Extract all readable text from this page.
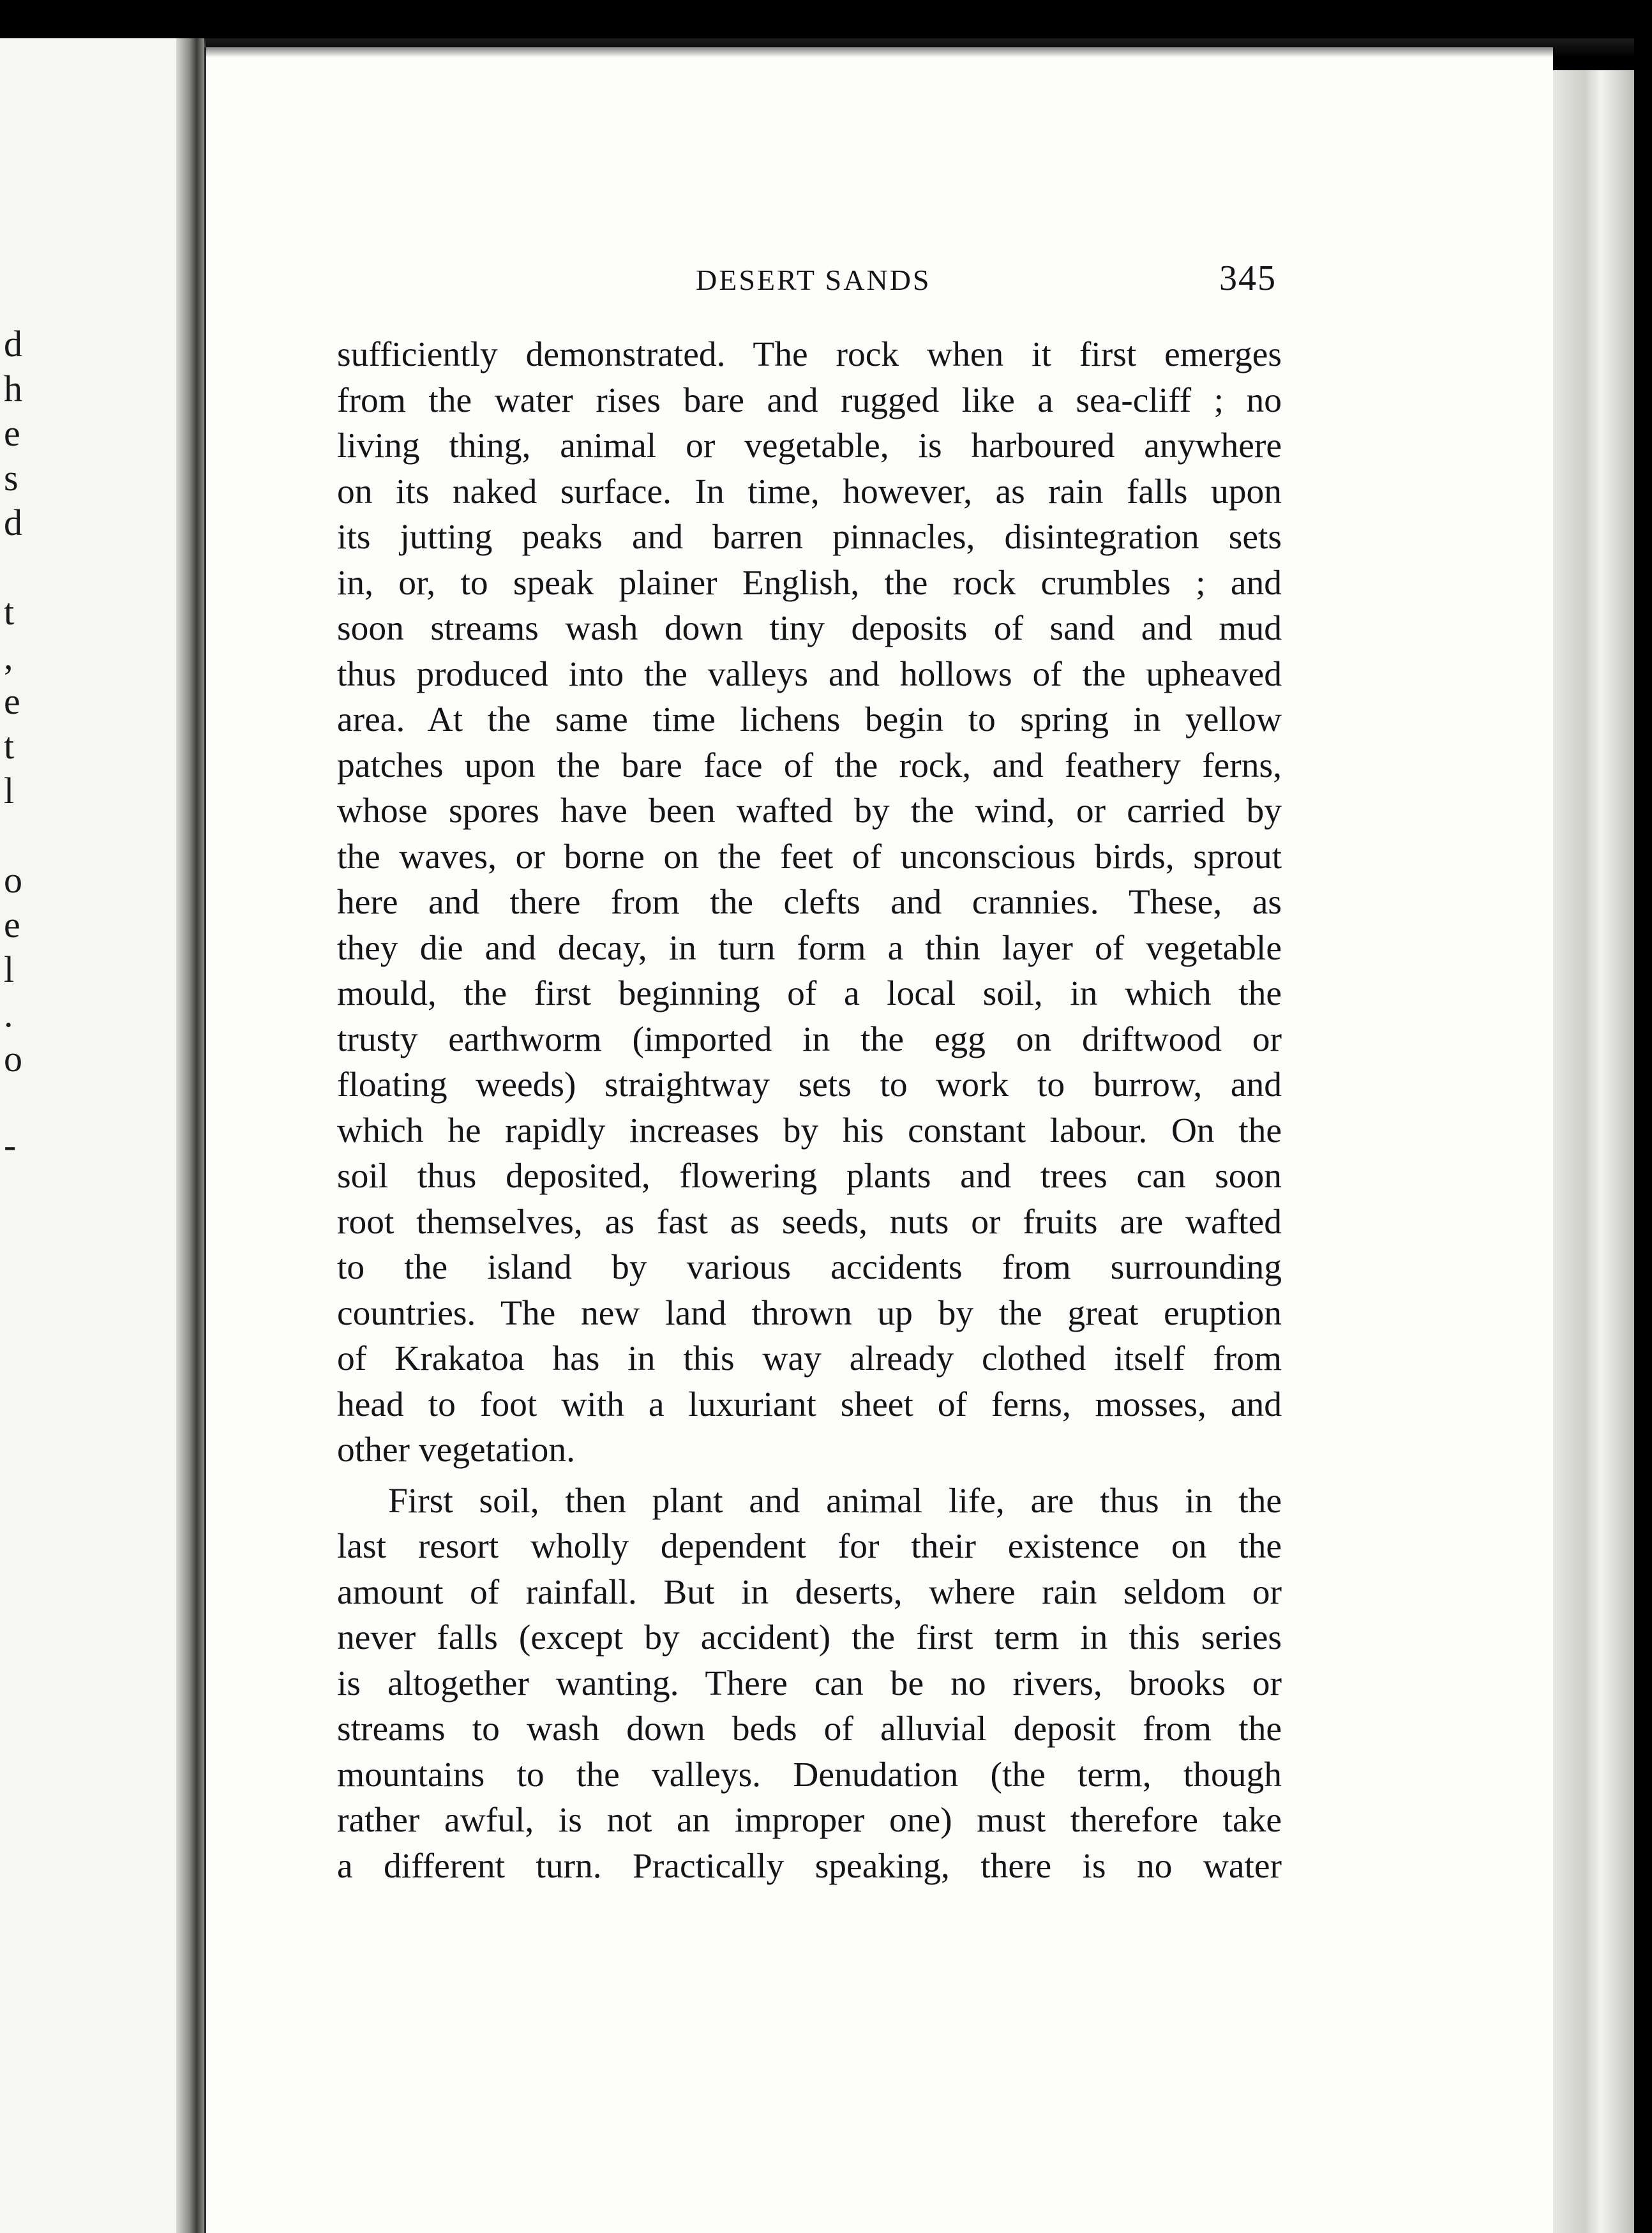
d
h
e
s
d
t
,
e
t
l
o
e
l
.
o
-
DESERT SANDS	345
sufficiently demonstrated. The rock when it first emerges
from the water rises bare and rugged like a sea-cliff ; no
living thing, animal or vegetable, is harboured anywhere
on its naked surface. In time, however, as rain falls upon
its jutting peaks and barren pinnacles, disintegration sets
in, or, to speak plainer English, the rock crumbles ; and
soon streams wash down tiny deposits of sand and mud
thus produced into the valleys and hollows of the upheaved
area. At the same time lichens begin to spring in yellow
patches upon the bare face of the rock, and feathery ferns,
whose spores have been wafted by the wind, or carried by
the waves, or borne on the feet of unconscious birds, sprout
here and there from the clefts and crannies. These, as
they die and decay, in turn form a thin layer of vegetable
mould, the first beginning of a local soil, in which the
trusty earthworm (imported in the egg on driftwood or
floating weeds) straightway sets to work to burrow, and
which he rapidly increases by his constant labour. On the
soil thus deposited, flowering plants and trees can soon
root themselves, as fast as seeds, nuts or fruits are wafted
to the island by various accidents from surrounding
countries. The new land thrown up by the great eruption
of Krakatoa has in this way already clothed itself from
head to foot with a luxuriant sheet of ferns, mosses, and
other vegetation.
First soil, then plant and animal life, are thus in the
last resort wholly dependent for their existence on the
amount of rainfall. But in deserts, where rain seldom or
never falls (except by accident) the first term in this series
is altogether wanting. There can be no rivers, brooks or
streams to wash down beds of alluvial deposit from the
mountains to the valleys. Denudation (the term, though
rather awful, is not an improper one) must therefore take
a different turn. Practically speaking, there is no water
